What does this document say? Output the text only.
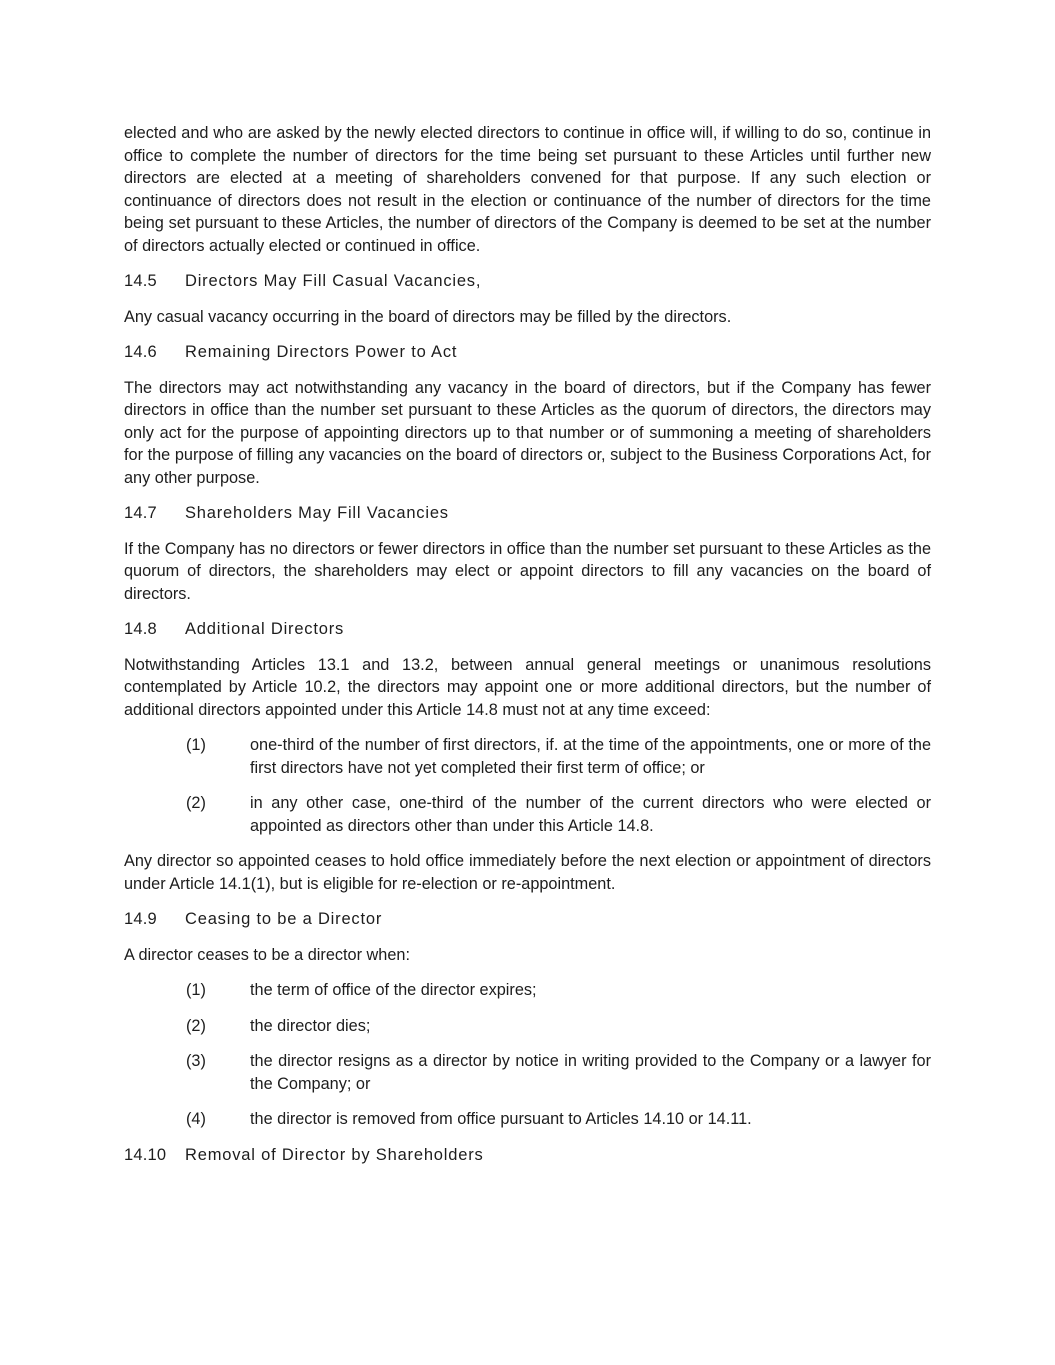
elected and who are asked by the newly elected directors to continue in office will, if willing to do so, continue in office to complete the number of directors for the time being set pursuant to these Articles until further new directors are elected at a meeting of shareholders convened for that purpose. If any such election or continuance of directors does not result in the election or continuance of the number of directors for the time being set pursuant to these Articles, the number of directors of the Company is deemed to be set at the number of directors actually elected or continued in office.

14.5	Directors May Fill Casual Vacancies,

Any casual vacancy occurring in the board of directors may be filled by the directors.

14.6	Remaining Directors Power to Act

The directors may act notwithstanding any vacancy in the board of directors, but if the Company has fewer directors in office than the number set pursuant to these Articles as the quorum of directors, the directors may only act for the purpose of appointing directors up to that number or of summoning a meeting of shareholders for the purpose of filling any vacancies on the board of directors or, subject to the Business Corporations Act, for any other purpose.

14.7	Shareholders May Fill Vacancies

If the Company has no directors or fewer directors in office than the number set pursuant to these Articles as the quorum of directors, the shareholders may elect or appoint directors to fill any vacancies on the board of directors.

14.8	Additional Directors

Notwithstanding Articles 13.1 and 13.2, between annual general meetings or unanimous resolutions contemplated by Article 10.2, the directors may appoint one or more additional directors, but the number of additional directors appointed under this Article 14.8 must not at any time exceed:

(1)	one-third of the number of first directors, if. at the time of the appointments, one or more of the first directors have not yet completed their first term of office; or
(2)	in any other case, one-third of the number of the current directors who were elected or appointed as directors other than under this Article 14.8.

Any director so appointed ceases to hold office immediately before the next election or appointment of directors under Article 14.1(1), but is eligible for re-election or re-appointment.

14.9	Ceasing to be a Director

A director ceases to be a director when:

(1)	the term of office of the director expires;
(2)	the director dies;
(3)	the director resigns as a director by notice in writing provided to the Company or a lawyer for the Company; or
(4)	the director is removed from office pursuant to Articles 14.10 or 14.11.
14.10	Removal of Director by Shareholders
